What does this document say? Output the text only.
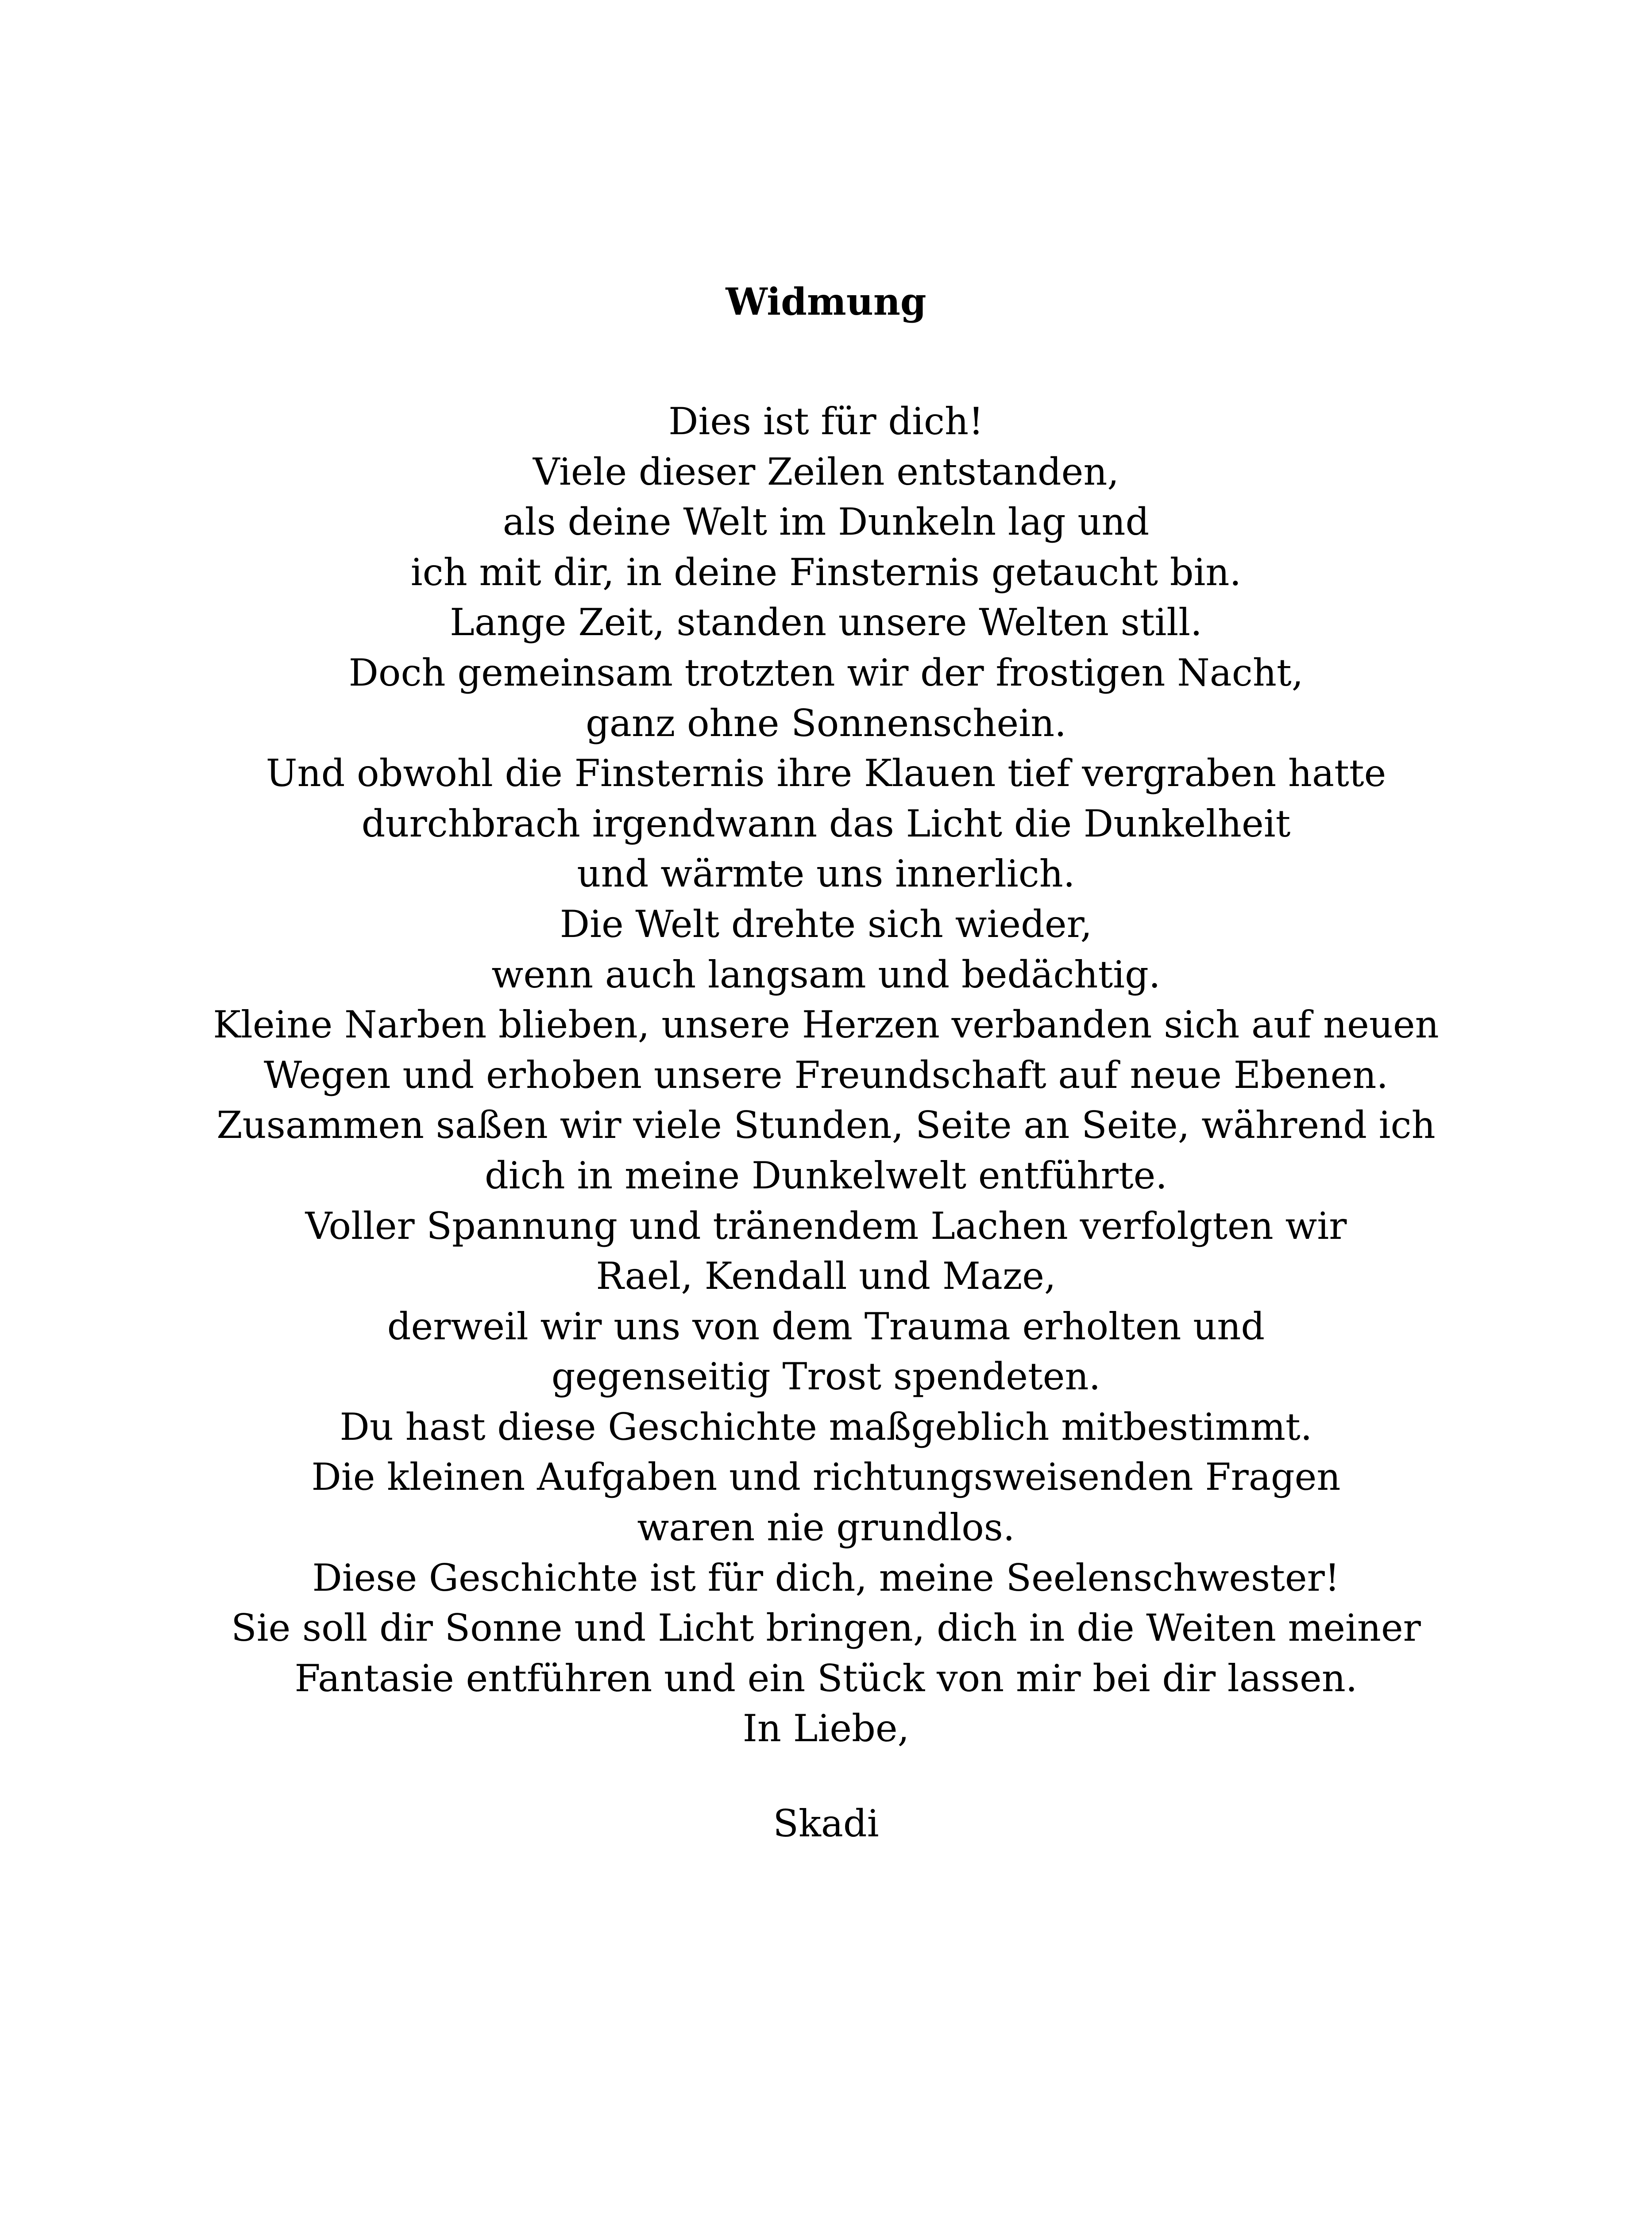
Widmung
Dies ist für dich!
Viele dieser Zeilen entstanden,
als deine Welt im Dunkeln lag und
ich mit dir, in deine Finsternis getaucht bin.
Lange Zeit, standen unsere Welten still.
Doch gemeinsam trotzten wir der frostigen Nacht,
ganz ohne Sonnenschein.
Und obwohl die Finsternis ihre Klauen tief vergraben hatte
durchbrach irgendwann das Licht die Dunkelheit
und wärmte uns innerlich.
Die Welt drehte sich wieder,
wenn auch langsam und bedächtig.
Kleine Narben blieben, unsere Herzen verbanden sich auf neuen
Wegen und erhoben unsere Freundschaft auf neue Ebenen.
Zusammen saßen wir viele Stunden, Seite an Seite, während ich
dich in meine Dunkelwelt entführte.
Voller Spannung und tränendem Lachen verfolgten wir
Rael, Kendall und Maze,
derweil wir uns von dem Trauma erholten und
gegenseitig Trost spendeten.
Du hast diese Geschichte maßgeblich mitbestimmt.
Die kleinen Aufgaben und richtungsweisenden Fragen
waren nie grundlos.
Diese Geschichte ist für dich, meine Seelenschwester!
Sie soll dir Sonne und Licht bringen, dich in die Weiten meiner
Fantasie entführen und ein Stück von mir bei dir lassen.
In Liebe,
Skadi
